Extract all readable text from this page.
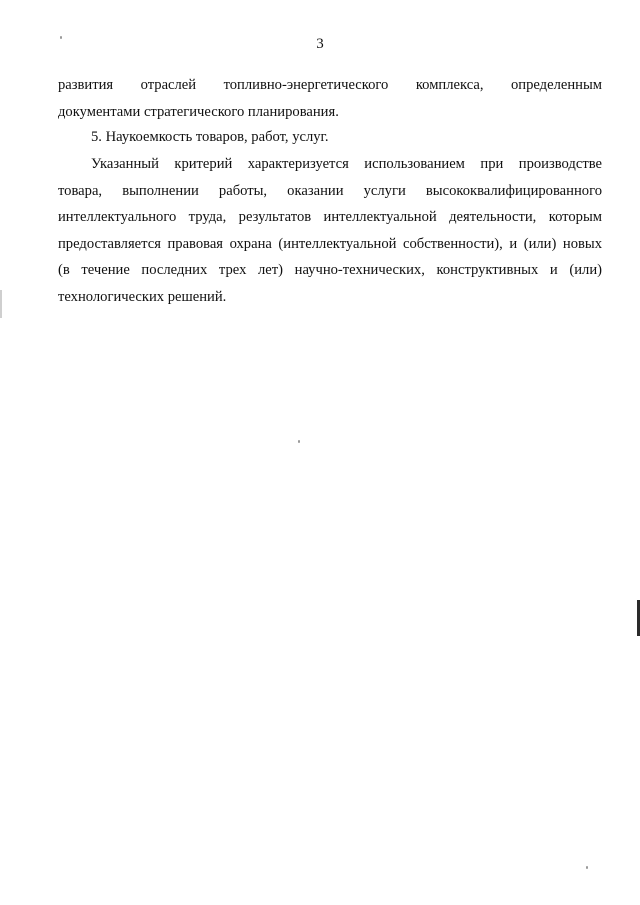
3
развития отраслей топливно-энергетического комплекса, определенным
документами стратегического планирования.
5. Наукоемкость товаров, работ, услуг.
Указанный критерий характеризуется использованием при производстве
товара, выполнении работы, оказании услуги высококвалифицированного
интеллектуального труда, результатов интеллектуальной деятельности, которым
предоставляется правовая охрана (интеллектуальной собственности), и (или) новых
(в течение последних трех лет) научно-технических, конструктивных и (или)
технологических решений.
